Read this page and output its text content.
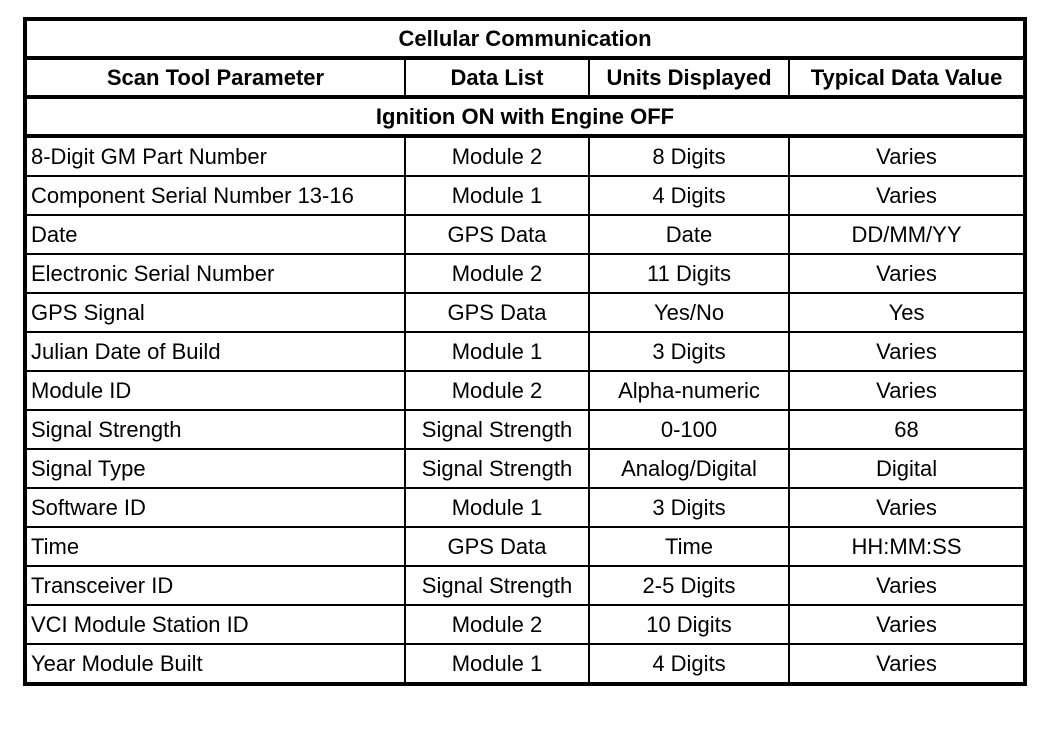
Cellular Communication			
Scan Tool Parameter	Data List	Units Displayed	Typical Data Value
Ignition ON with Engine OFF			
8-Digit GM Part Number	Module 2	8 Digits	Varies
Component Serial Number 13-16	Module 1	4 Digits	Varies
Date	GPS Data	Date	DD/MM/YY
Electronic Serial Number	Module 2	11 Digits	Varies
GPS Signal	GPS Data	Yes/No	Yes
Julian Date of Build	Module 1	3 Digits	Varies
Module ID	Module 2	Alpha-numeric	Varies
Signal Strength	Signal Strength	0-100	68
Signal Type	Signal Strength	Analog/Digital	Digital
Software ID	Module 1	3 Digits	Varies
Time	GPS Data	Time	HH:MM:SS
Transceiver ID	Signal Strength	2-5 Digits	Varies
VCI Module Station ID	Module 2	10 Digits	Varies
Year Module Built	Module 1	4 Digits	Varies
